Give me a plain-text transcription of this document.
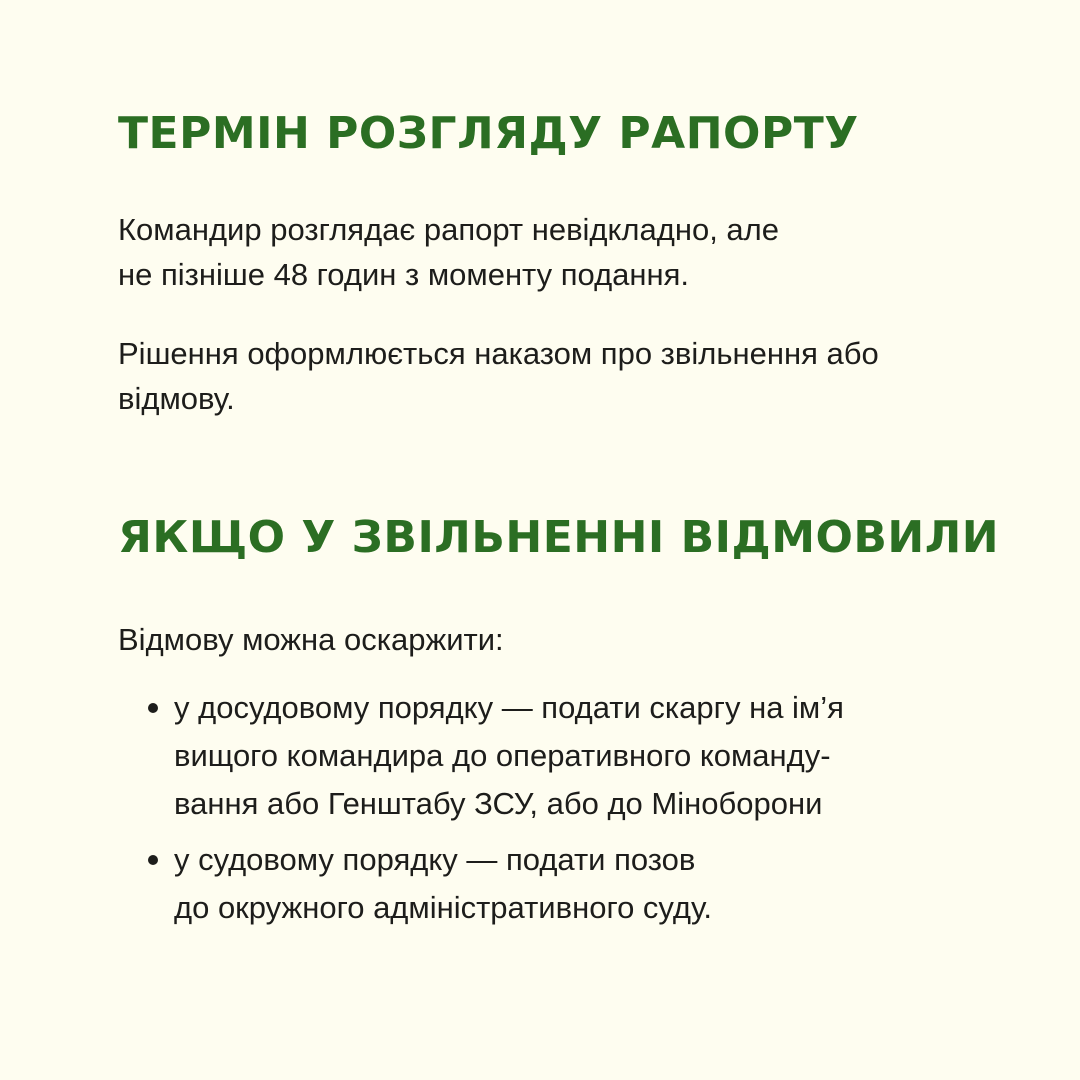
ТЕРМІН РОЗГЛЯДУ РАПОРТУ

Командир розглядає рапорт невідкладно, але
не пізніше 48 годин з моменту подання.

Рішення оформлюється наказом про звільнення або
відмову.

ЯКЩО У ЗВІЛЬНЕННІ ВІДМОВИЛИ

Відмову можна оскаржити:

у досудовому порядку — подати скаргу на ім’я
вищого командира до оперативного команду-
вання або Генштабу ЗСУ, або до Міноборони
у судовому порядку — подати позов
до окружного адміністративного суду.
